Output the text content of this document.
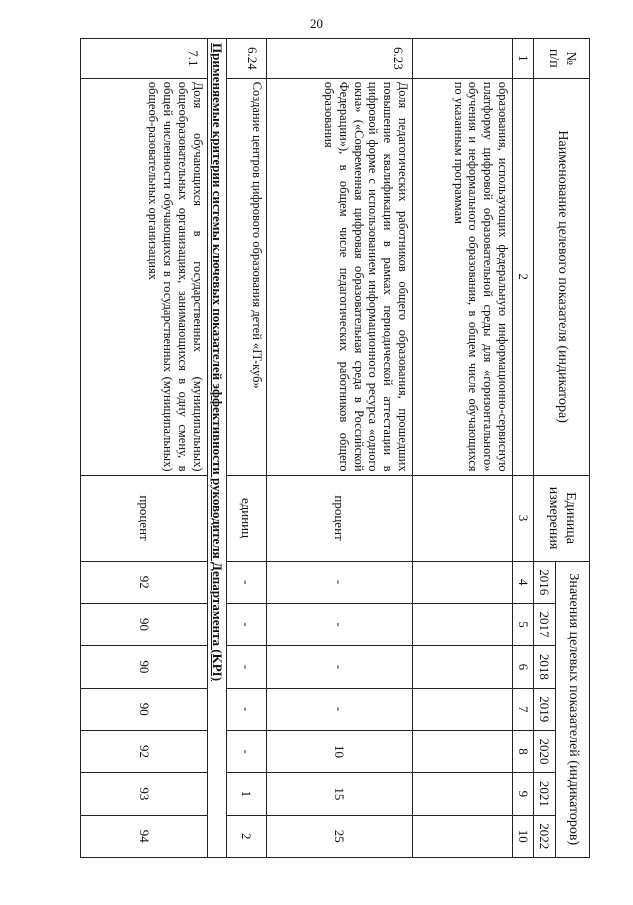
20
№
п/п	Наименование целевого показателя (индикатора)	Единица измерения	Значения целевых показателей (индикаторов)						
			2016	2017	2018	2019	2020	2021	2022
1	2	3	4	5	6	7	8	9	10
	образования, использующих федеральную информационно-сервисную платформу цифровой образовательной среды для «горизонтального» обучения и неформального образования, в общем числе обучающихся по указанным программам								
6.23	Доля педагогических работников общего образования, прошедших повышение квалификации в рамках периодической аттестации в цифровой форме с использованием информационного ресурса «одного окна» («Современная цифровая образовательная среда в Российской Федерации»), в общем числе педагогических работников общего образования	процент	-	-	-	-	10	15	25
6.24	Создание центров цифрового образования детей «IT-куб»	единиц	-	-	-	-	-	1	2
Применяемые критерии системы ключевых показателей эффективности руководителя Департамента (KPI)									
7.1	Доля обучающихся в государственных (муниципальных) общеобразовательных организациях, занимающихся в одну смену, в общей численности обучающихся в государственных (муниципальных) общеоб-разовательных организациях	процент	92	90	90	90	92	93	94
